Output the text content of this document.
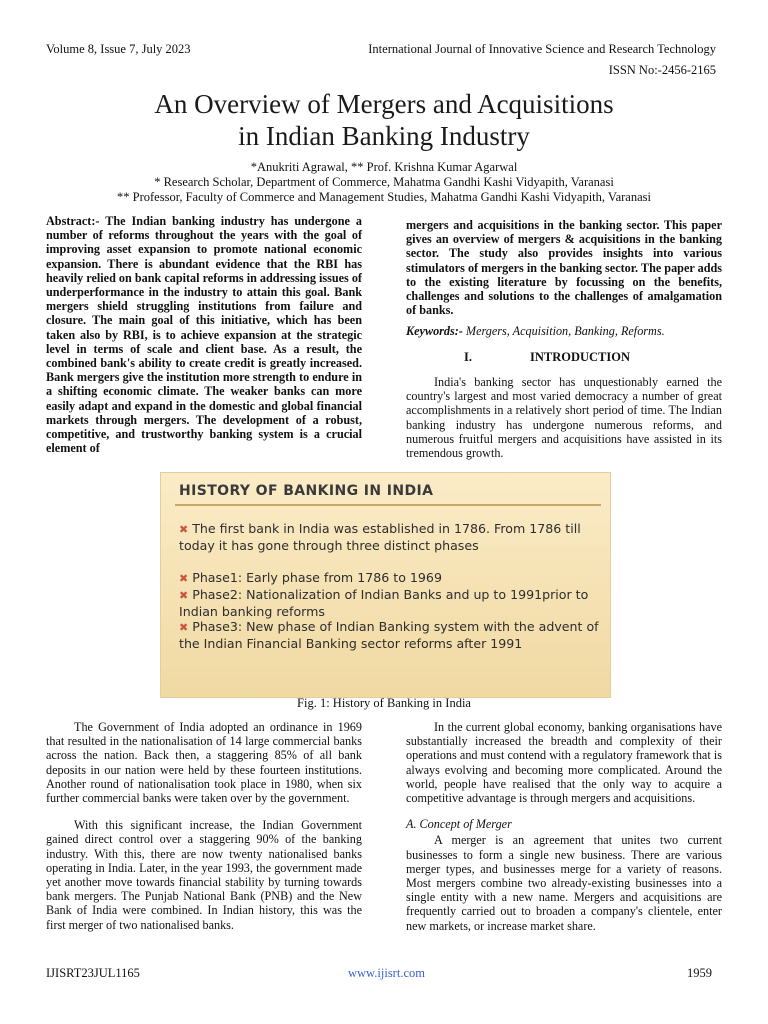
Volume 8, Issue 7, July 2023	International Journal of Innovative Science and Research Technology
ISSN No:-2456-2165
An Overview of Mergers and Acquisitions
in Indian Banking Industry
*Anukriti Agrawal, ** Prof. Krishna Kumar Agarwal
* Research Scholar, Department of Commerce, Mahatma Gandhi Kashi Vidyapith, Varanasi
** Professor, Faculty of Commerce and Management Studies, Mahatma Gandhi Kashi Vidyapith, Varanasi
Abstract:- The Indian banking industry has undergone a number of reforms throughout the years with the goal of improving asset expansion to promote national economic expansion. There is abundant evidence that the RBI has heavily relied on bank capital reforms in addressing issues of underperformance in the industry to attain this goal. Bank mergers shield struggling institutions from failure and closure. The main goal of this initiative, which has been taken also by RBI, is to achieve expansion at the strategic level in terms of scale and client base. As a result, the combined bank's ability to create credit is greatly increased. Bank mergers give the institution more strength to endure in a shifting economic climate. The weaker banks can more easily adapt and expand in the domestic and global financial markets through mergers. The development of a robust, competitive, and trustworthy banking system is a crucial element of
mergers and acquisitions in the banking sector. This paper gives an overview of mergers & acquisitions in the banking sector. The study also provides insights into various stimulators of mergers in the banking sector. The paper adds to the existing literature by focussing on the benefits, challenges and solutions to the challenges of amalgamation of banks.
Keywords:- Mergers, Acquisition, Banking, Reforms.
I.	INTRODUCTION

India's banking sector has unquestionably earned the country's largest and most varied democracy a number of great accomplishments in a relatively short period of time. The Indian banking industry has undergone numerous reforms, and numerous fruitful mergers and acquisitions have assisted in its tremendous growth.

HISTORY OF BANKING IN INDIA
✖ The first bank in India was established in 1786. From 1786 till today it has gone through three distinct phases
✖ Phase1: Early phase from 1786 to 1969
✖ Phase2: Nationalization of Indian Banks and up to 1991prior to Indian banking reforms
✖ Phase3: New phase of Indian Banking system with the advent of the Indian Financial Banking sector reforms after 1991
Fig. 1: History of Banking in India

The Government of India adopted an ordinance in 1969 that resulted in the nationalisation of 14 large commercial banks across the nation. Back then, a staggering 85% of all bank deposits in our nation were held by these fourteen institutions. Another round of nationalisation took place in 1980, when six further commercial banks were taken over by the government.

With this significant increase, the Indian Government gained direct control over a staggering 90% of the banking industry. With this, there are now twenty nationalised banks operating in India. Later, in the year 1993, the government made yet another move towards financial stability by turning towards bank mergers. The Punjab National Bank (PNB) and the New Bank of India were combined. In Indian history, this was the first merger of two nationalised banks.

In the current global economy, banking organisations have substantially increased the breadth and complexity of their operations and must contend with a regulatory framework that is always evolving and becoming more complicated. Around the world, people have realised that the only way to acquire a competitive advantage is through mergers and acquisitions.

A. Concept of Merger

A merger is an agreement that unites two current businesses to form a single new business. There are various merger types, and businesses merge for a variety of reasons. Most mergers combine two already-existing businesses into a single entity with a new name. Mergers and acquisitions are frequently carried out to broaden a company's clientele, enter new markets, or increase market share.

IJISRT23JUL1165	www.ijisrt.com	1959
